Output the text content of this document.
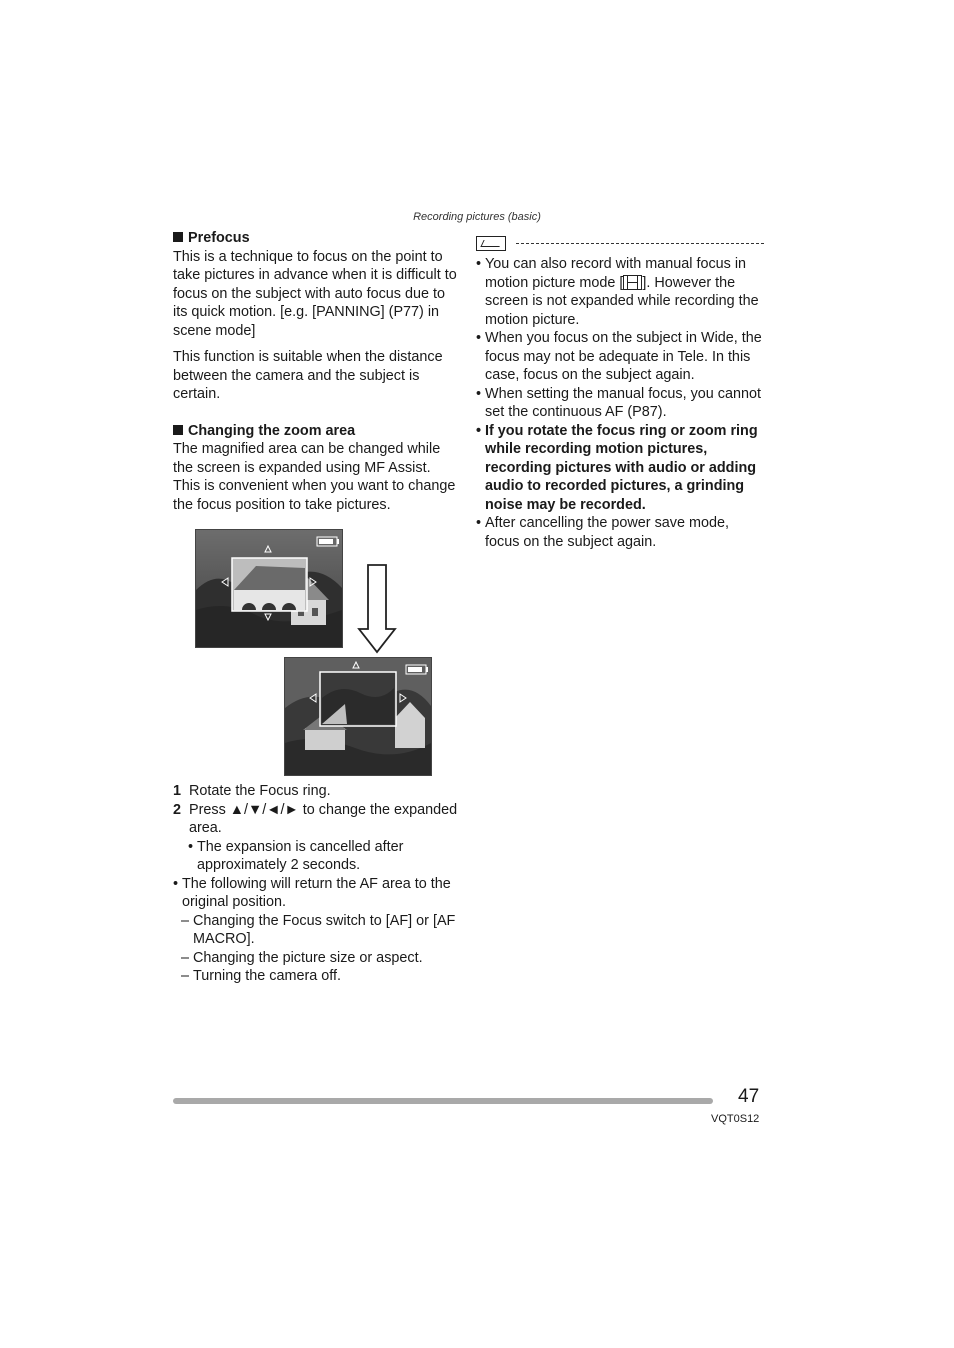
Recording pictures (basic)

Prefocus

This is a technique to focus on the point to take pictures in advance when it is difficult to focus on the subject with auto focus due to its quick motion. [e.g. [PANNING] (P77) in scene mode]

This function is suitable when the distance between the camera and the subject is certain.

Changing the zoom area

The magnified area can be changed while the screen is expanded using MF Assist. This is convenient when you want to change the focus position to take pictures.

1 Rotate the Focus ring.
2 Press ▲/▼/◄/► to change the expanded area.
• The expansion is cancelled after approximately 2 seconds.
• The following will return the AF area to the original position.
– Changing the Focus switch to [AF] or [AF MACRO].
– Changing the picture size or aspect.
– Turning the camera off.
• You can also record with manual focus in motion picture mode [ ]. However the screen is not expanded while recording the motion picture.
• When you focus on the subject in Wide, the focus may not be adequate in Tele. In this case, focus on the subject again.
• When setting the manual focus, you cannot set the continuous AF (P87).
• If you rotate the focus ring or zoom ring while recording motion pictures, recording pictures with audio or adding audio to recorded pictures, a grinding noise may be recorded.
• After cancelling the power save mode, focus on the subject again.
47
VQT0S12
